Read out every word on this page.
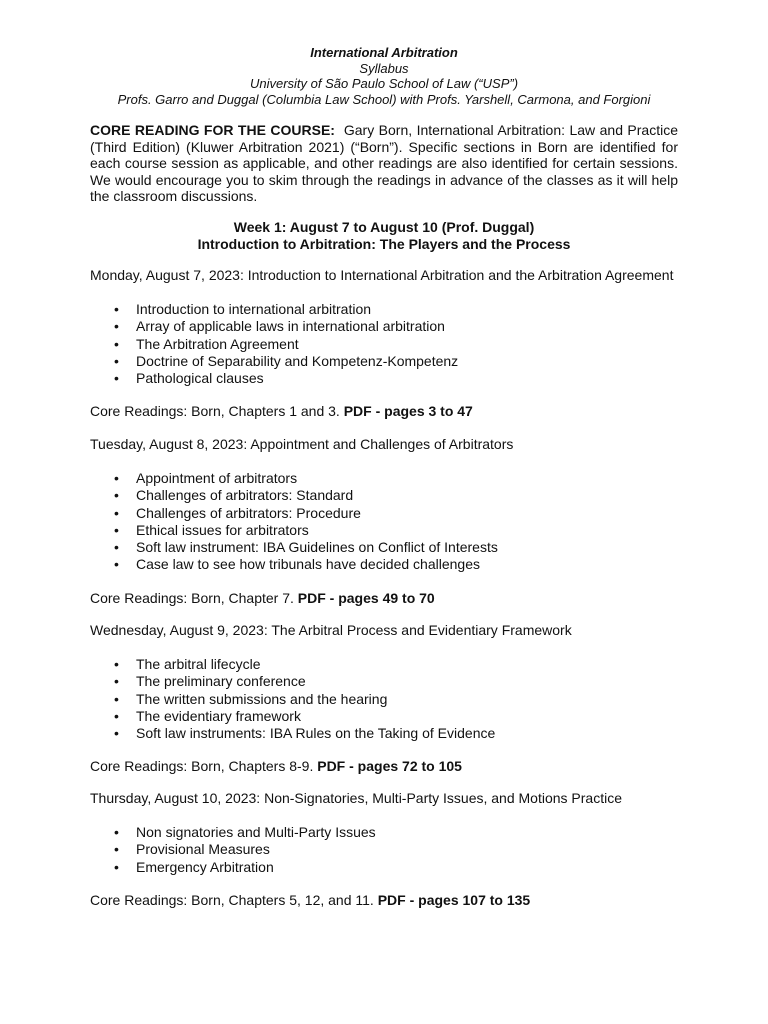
International Arbitration
Syllabus
University of São Paulo School of Law (“USP”)
Profs. Garro and Duggal (Columbia Law School) with Profs. Yarshell, Carmona, and Forgioni
CORE READING FOR THE COURSE: Gary Born, International Arbitration: Law and Practice (Third Edition) (Kluwer Arbitration 2021) (“Born”). Specific sections in Born are identified for each course session as applicable, and other readings are also identified for certain sessions. We would encourage you to skim through the readings in advance of the classes as it will help the classroom discussions.
Week 1: August 7 to August 10 (Prof. Duggal)
Introduction to Arbitration: The Players and the Process

Monday, August 7, 2023: Introduction to International Arbitration and the Arbitration Agreement

• Introduction to international arbitration
• Array of applicable laws in international arbitration
• The Arbitration Agreement
• Doctrine of Separability and Kompetenz-Kompetenz
• Pathological clauses
Core Readings: Born, Chapters 1 and 3. PDF - pages 3 to 47

Tuesday, August 8, 2023: Appointment and Challenges of Arbitrators

• Appointment of arbitrators
• Challenges of arbitrators: Standard
• Challenges of arbitrators: Procedure
• Ethical issues for arbitrators
• Soft law instrument: IBA Guidelines on Conflict of Interests
• Case law to see how tribunals have decided challenges
Core Readings: Born, Chapter 7. PDF - pages 49 to 70

Wednesday, August 9, 2023: The Arbitral Process and Evidentiary Framework

• The arbitral lifecycle
• The preliminary conference
• The written submissions and the hearing
• The evidentiary framework
• Soft law instruments: IBA Rules on the Taking of Evidence
Core Readings: Born, Chapters 8-9. PDF - pages 72 to 105

Thursday, August 10, 2023: Non-Signatories, Multi-Party Issues, and Motions Practice

• Non signatories and Multi-Party Issues
• Provisional Measures
• Emergency Arbitration
Core Readings: Born, Chapters 5, 12, and 11. PDF - pages 107 to 135
